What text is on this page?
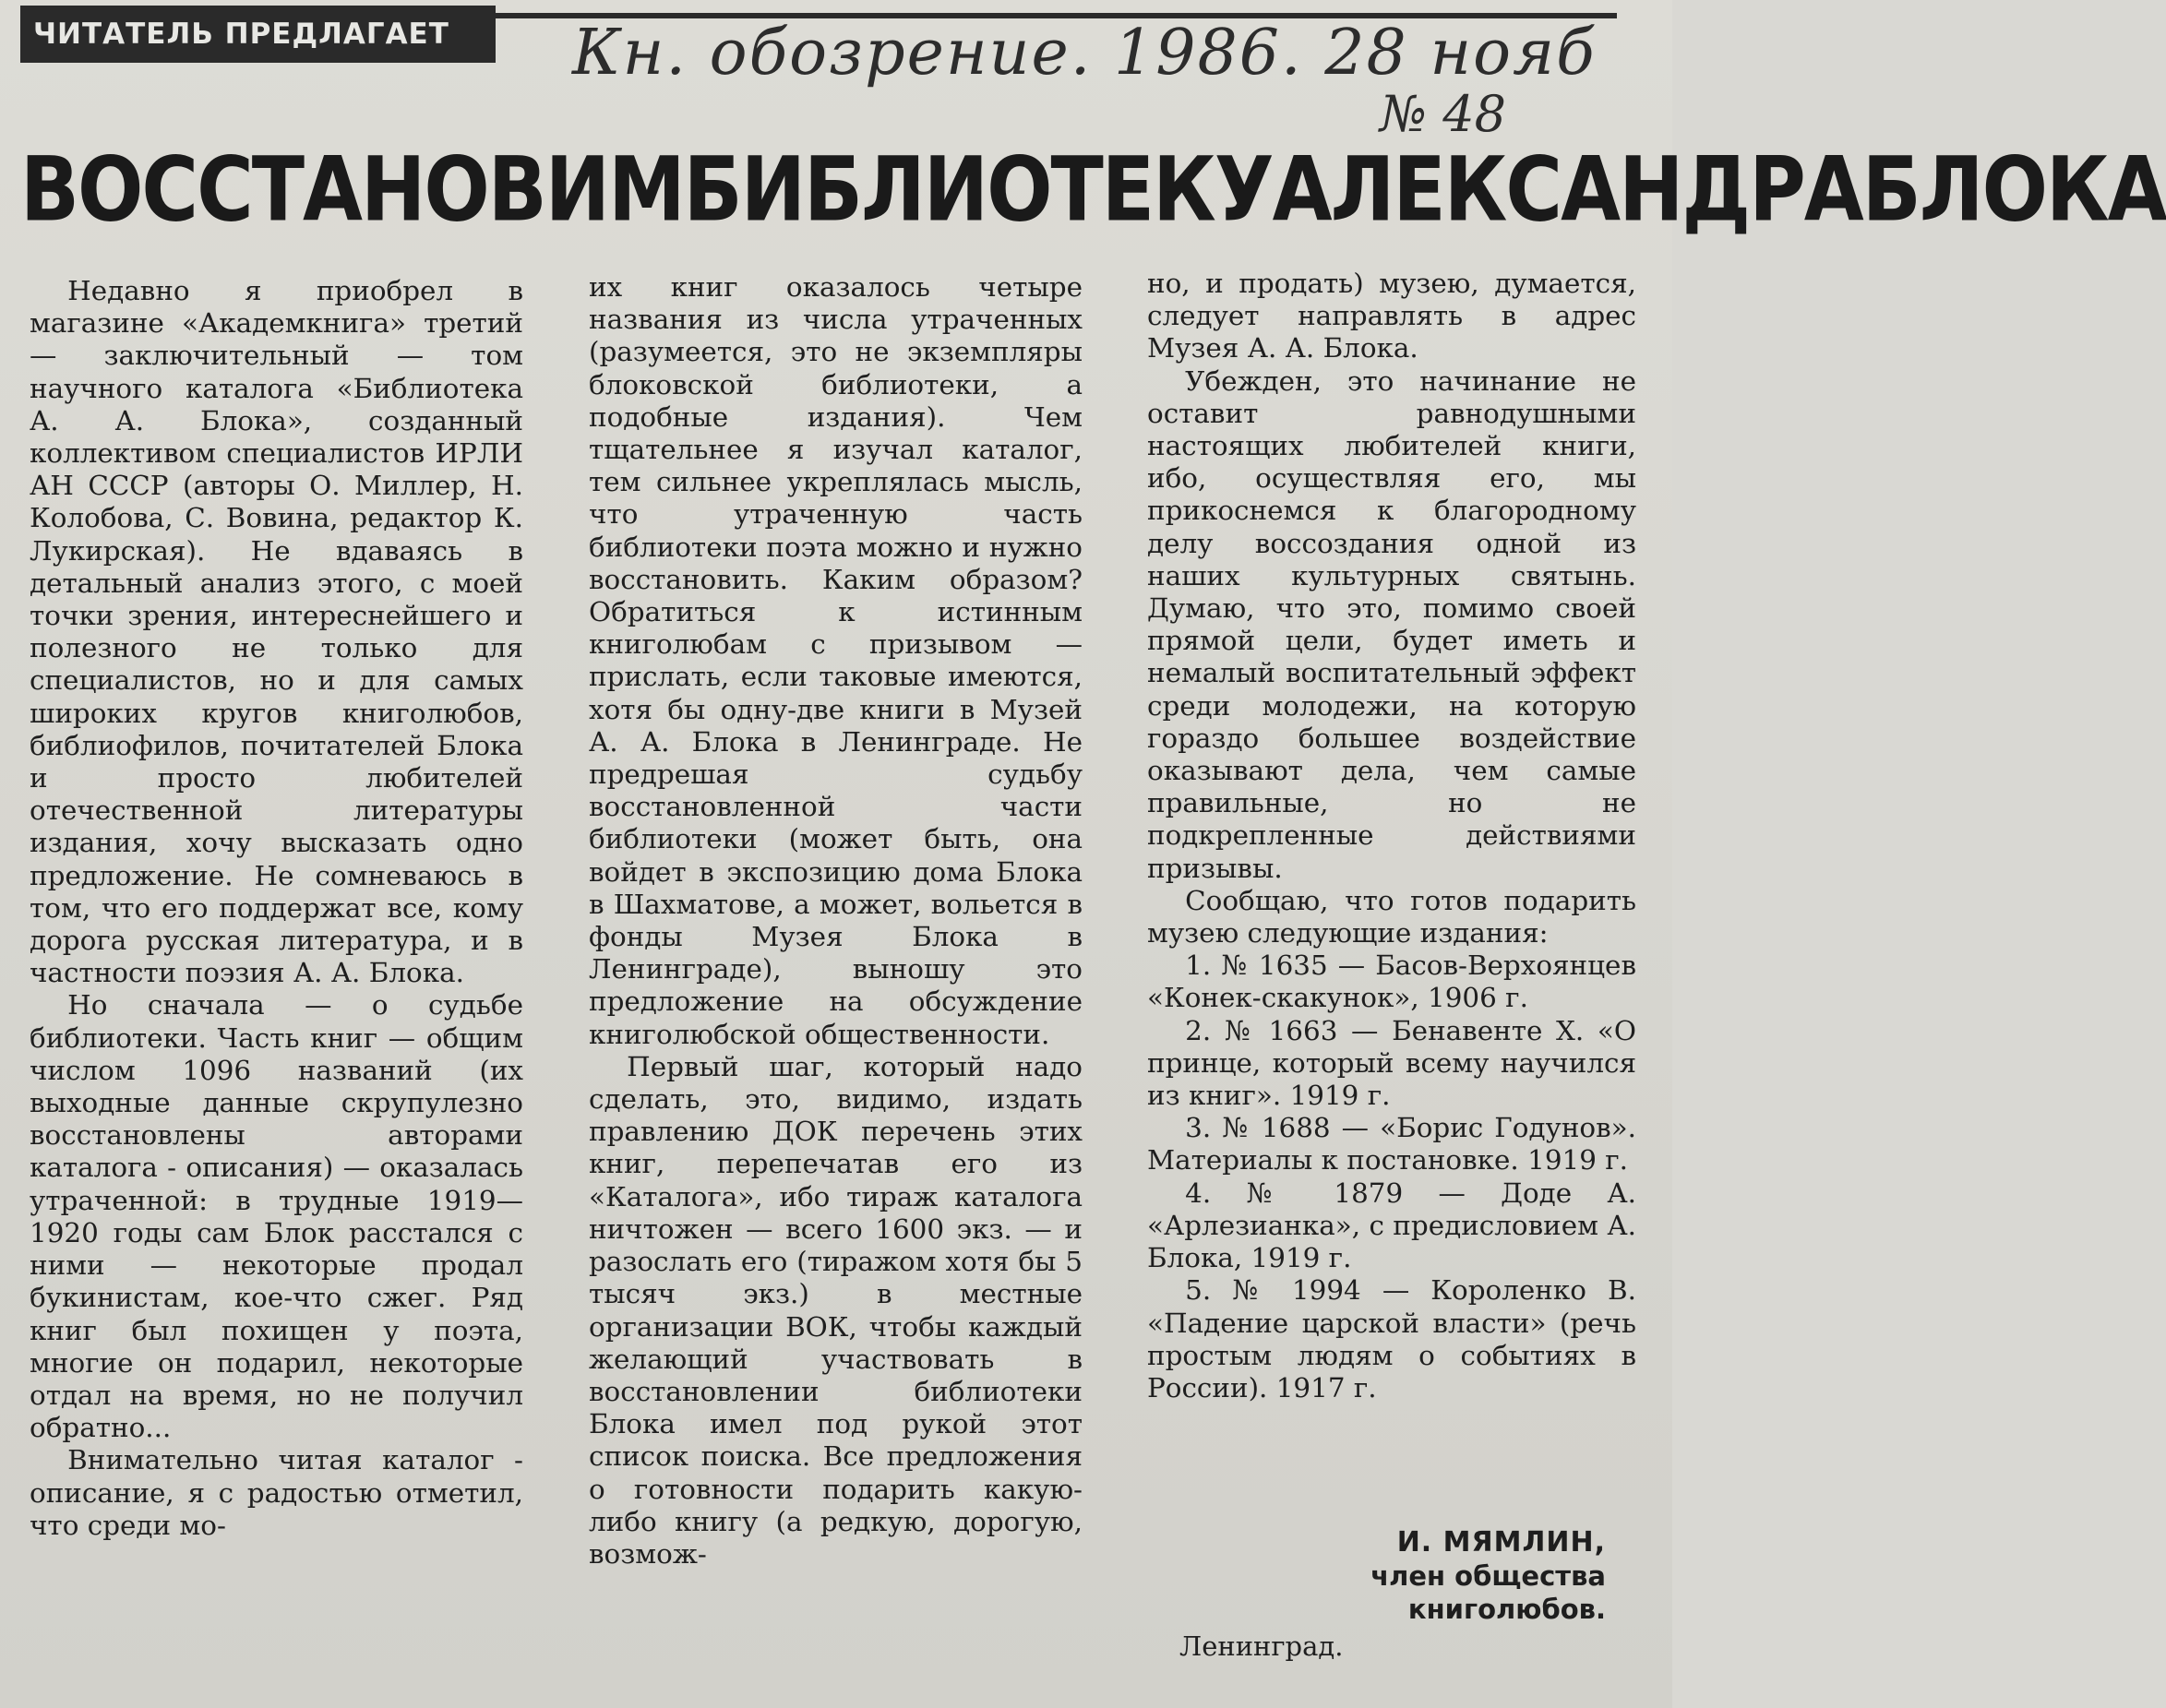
ЧИТАТЕЛЬ ПРЕДЛАГАЕТ	Кн. обозрение. 1986. 28 нояб
№ 48
ВОССТАНОВИМ БИБЛИОТЕКУ АЛЕКСАНДРА БЛОКА

Недавно я приобрел в магазине «Академкнига» третий — заключительный — том научного каталога «Библиотека А. А. Блока», созданный коллективом специалистов ИРЛИ АН СССР (авторы О. Миллер, Н. Колобова, С. Вовина, редактор К. Лукирская). Не вдаваясь в детальный анализ этого, с моей точки зрения, интереснейшего и полезного не только для специалистов, но и для самых широких кругов книголюбов, библиофилов, почитателей Блока и просто любителей отечественной литературы издания, хочу высказать одно предложение. Не сомневаюсь в том, что его поддержат все, кому дорога русская литература, и в частности поэзия А. А. Блока.

Но сначала — о судьбе библиотеки. Часть книг — общим числом 1096 названий (их выходные данные скрупулезно восстановлены авторами каталога - описания) — оказалась утраченной: в трудные 1919—1920 годы сам Блок расстался с ними — некоторые продал букинистам, кое-что сжег. Ряд книг был похищен у поэта, многие он подарил, некоторые отдал на время, но не получил обратно...

Внимательно читая каталог - описание, я с радостью отметил, что среди мо-

их книг оказалось четыре названия из числа утраченных (разумеется, это не экземпляры блоковской библиотеки, а подобные издания). Чем тщательнее я изучал каталог, тем сильнее укреплялась мысль, что утраченную часть библиотеки поэта можно и нужно восстановить. Каким образом? Обратиться к истинным книголюбам с призывом — прислать, если таковые имеются, хотя бы одну-две книги в Музей А. А. Блока в Ленинграде. Не предрешая судьбу восстановленной части библиотеки (может быть, она войдет в экспозицию дома Блока в Шахматове, а может, вольется в фонды Музея Блока в Ленинграде), выношу это предложение на обсуждение книголюбской общественности.

Первый шаг, который надо сделать, это, видимо, издать правлению ДОК перечень этих книг, перепечатав его из «Каталога», ибо тираж каталога ничтожен — всего 1600 экз. — и разослать его (тиражом хотя бы 5 тысяч экз.) в местные организации ВОК, чтобы каждый желающий участвовать в восстановлении библиотеки Блока имел под рукой этот список поиска. Все предложения о готовности подарить какую-либо книгу (а редкую, дорогую, возмож-

но, и продать) музею, думается, следует направлять в адрес Музея А. А. Блока.

Убежден, это начинание не оставит равнодушными настоящих любителей книги, ибо, осуществляя его, мы прикоснемся к благородному делу воссоздания одной из наших культурных святынь. Думаю, что это, помимо своей прямой цели, будет иметь и немалый воспитательный эффект среди молодежи, на которую гораздо большее воздействие оказывают дела, чем самые правильные, но не подкрепленные действиями призывы.

Сообщаю, что готов подарить музею следующие издания:

1. № 1635 — Басов-Верхоянцев «Конек-скакунок», 1906 г.

2. № 1663 — Бенавенте Х. «О принце, который всему научился из книг». 1919 г.

3. № 1688 — «Борис Годунов». Материалы к постановке. 1919 г.

4. № 1879 — Доде А. «Арлезианка», с предисловием А. Блока, 1919 г.

5. № 1994 — Короленко В. «Падение царской власти» (речь простым людям о событиях в России). 1917 г.

И. МЯМЛИН,
член общества
книголюбов.
Ленинград.
